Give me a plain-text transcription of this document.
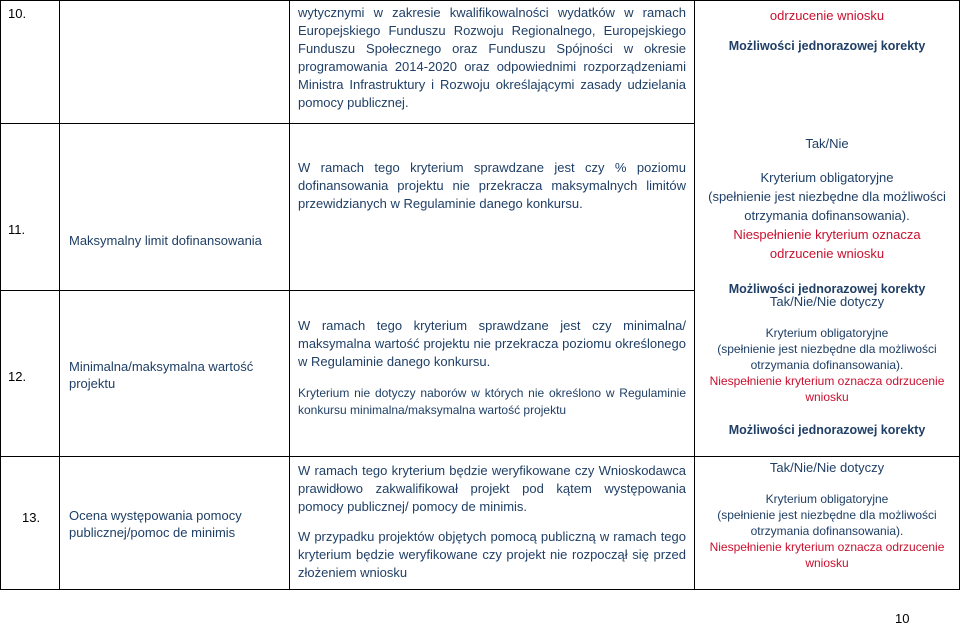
10.	wytycznymi w zakresie kwalifikowalności wydatków w ramach Europejskiego Funduszu Rozwoju Regionalnego, Europejskiego Funduszu Społecznego oraz Funduszu Spójności w okresie programowania 2014-2020 oraz odpowiednimi rozporządzeniami Ministra Infrastruktury i Rozwoju określającymi zasady udzielania pomocy publicznej.
odrzucenie wniosku
Możliwości jednorazowej korekty
11.
Maksymalny limit dofinansowania
W ramach tego kryterium sprawdzane jest czy % poziomu dofinansowania projektu nie przekracza maksymalnych limitów przewidzianych w Regulaminie danego konkursu.
Tak/Nie
Kryterium obligatoryjne
(spełnienie jest niezbędne dla możliwości otrzymania dofinansowania).
Niespełnienie kryterium oznacza
odrzucenie wniosku
Możliwości jednorazowej korekty
12.
Minimalna/maksymalna wartość projektu

W ramach tego kryterium sprawdzane jest czy minimalna/ maksymalna wartość projektu nie przekracza poziomu określonego w Regulaminie danego konkursu.

Kryterium nie dotyczy naborów w których nie określono w Regulaminie konkursu minimalna/maksymalna wartość projektu

Tak/Nie/Nie dotyczy
Kryterium obligatoryjne
(spełnienie jest niezbędne dla możliwości otrzymania dofinansowania).
Niespełnienie kryterium oznacza odrzucenie wniosku
Możliwości jednorazowej korekty
13. Ocena występowania pomocy publicznej/pomoc de minimis

W ramach tego kryterium będzie weryfikowane czy Wnioskodawca prawidłowo zakwalifikował projekt pod kątem występowania pomocy publicznej/ pomocy de minimis.

W przypadku projektów objętych pomocą publiczną w ramach tego kryterium będzie weryfikowane czy projekt nie rozpoczął się przed złożeniem wniosku

Tak/Nie/Nie dotyczy
Kryterium obligatoryjne
(spełnienie jest niezbędne dla możliwości otrzymania dofinansowania).
Niespełnienie kryterium oznacza odrzucenie wniosku
10
